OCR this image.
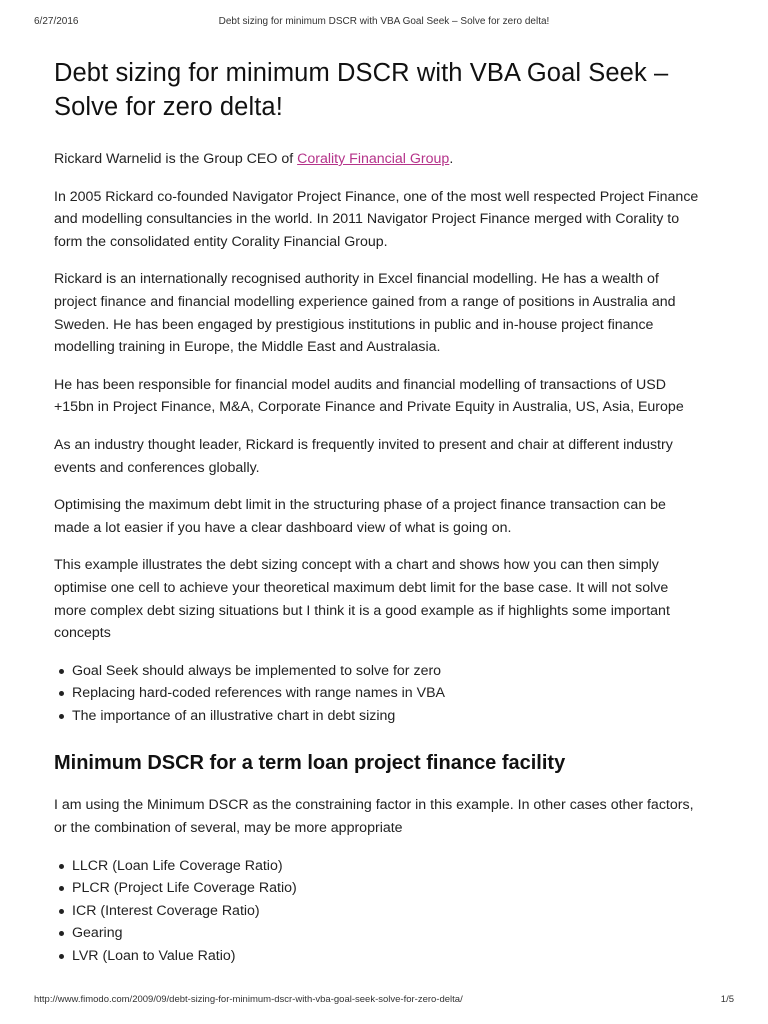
6/27/2016	Debt sizing for minimum DSCR with VBA Goal Seek – Solve for zero delta!
Debt sizing for minimum DSCR with VBA Goal Seek – Solve for zero delta!

Rickard Warnelid is the Group CEO of Corality Financial Group.

In 2005 Rickard co-founded Navigator Project Finance, one of the most well respected Project Finance and modelling consultancies in the world. In 2011 Navigator Project Finance merged with Corality to form the consolidated entity Corality Financial Group.

Rickard is an internationally recognised authority in Excel financial modelling. He has a wealth of project finance and financial modelling experience gained from a range of positions in Australia and Sweden. He has been engaged by prestigious institutions in public and in-house project finance modelling training in Europe, the Middle East and Australasia.

He has been responsible for financial model audits and financial modelling of transactions of USD +15bn in Project Finance, M&A, Corporate Finance and Private Equity in Australia, US, Asia, Europe

As an industry thought leader, Rickard is frequently invited to present and chair at different industry events and conferences globally.

Optimising the maximum debt limit in the structuring phase of a project finance transaction can be made a lot easier if you have a clear dashboard view of what is going on.

This example illustrates the debt sizing concept with a chart and shows how you can then simply optimise one cell to achieve your theoretical maximum debt limit for the base case. It will not solve more complex debt sizing situations but I think it is a good example as if highlights some important concepts

Goal Seek should always be implemented to solve for zero
Replacing hard-coded references with range names in VBA
The importance of an illustrative chart in debt sizing
Minimum DSCR for a term loan project finance facility

I am using the Minimum DSCR as the constraining factor in this example. In other cases other factors, or the combination of several, may be more appropriate

LLCR (Loan Life Coverage Ratio)
PLCR (Project Life Coverage Ratio)
ICR (Interest Coverage Ratio)
Gearing
LVR (Loan to Value Ratio)
http://www.fimodo.com/2009/09/debt-sizing-for-minimum-dscr-with-vba-goal-seek-solve-for-zero-delta/	1/5
